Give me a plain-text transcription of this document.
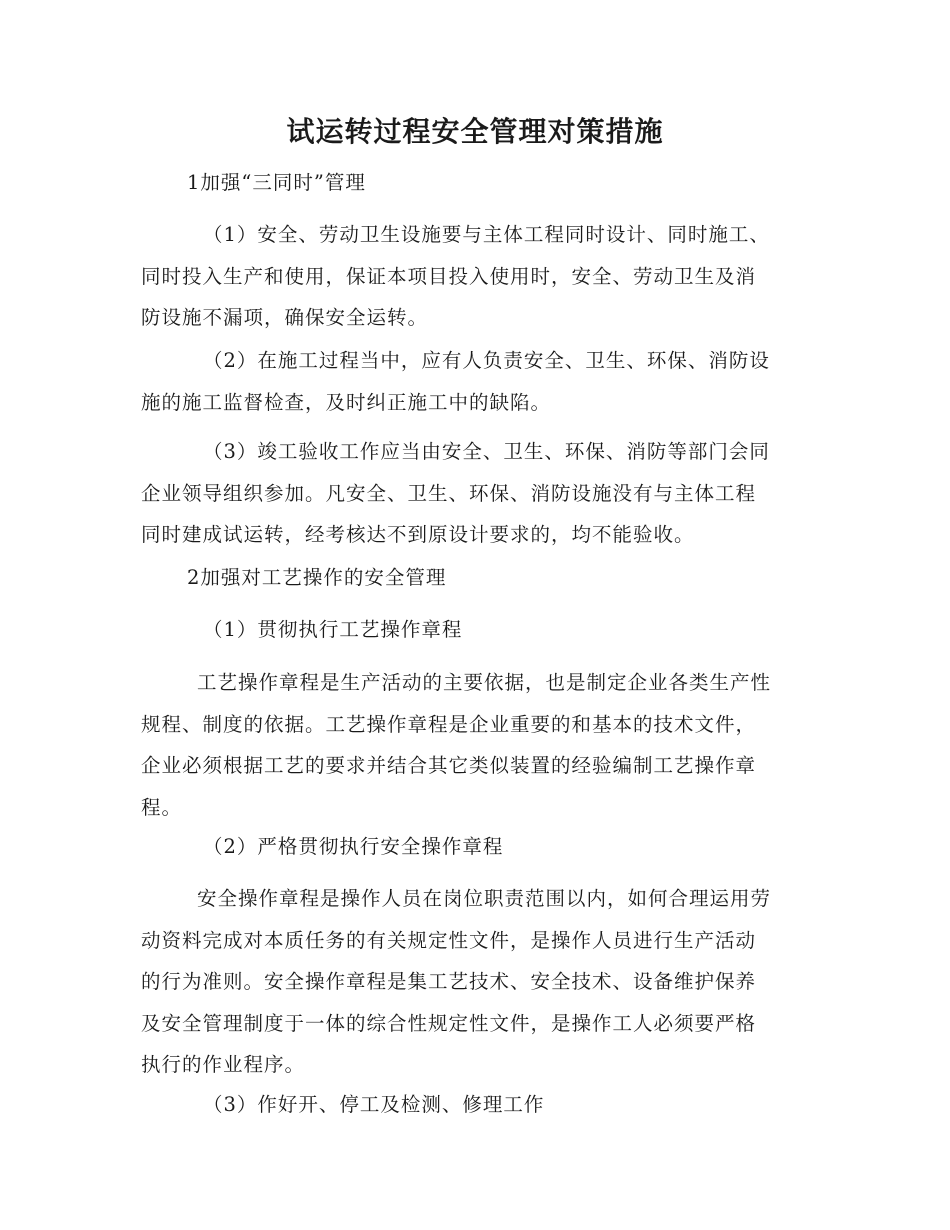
试运转过程安全管理对策措施

1加强“三同时”管理

（1）安全、劳动卫生设施要与主体工程同时设计、同时施工、
同时投入生产和使用，保证本项目投入使用时，安全、劳动卫生及消
防设施不漏项，确保安全运转。

（2）在施工过程当中，应有人负责安全、卫生、环保、消防设
施的施工监督检查，及时纠正施工中的缺陷。

（3）竣工验收工作应当由安全、卫生、环保、消防等部门会同
企业领导组织参加。凡安全、卫生、环保、消防设施没有与主体工程
同时建成试运转，经考核达不到原设计要求的，均不能验收。

2加强对工艺操作的安全管理

（1）贯彻执行工艺操作章程

工艺操作章程是生产活动的主要依据，也是制定企业各类生产性
规程、制度的依据。工艺操作章程是企业重要的和基本的技术文件，
企业必须根据工艺的要求并结合其它类似装置的经验编制工艺操作章
程。

（2）严格贯彻执行安全操作章程

安全操作章程是操作人员在岗位职责范围以内，如何合理运用劳
动资料完成对本质任务的有关规定性文件，是操作人员进行生产活动
的行为准则。安全操作章程是集工艺技术、安全技术、设备维护保养
及安全管理制度于一体的综合性规定性文件，是操作工人必须要严格
执行的作业程序。

（3）作好开、停工及检测、修理工作
